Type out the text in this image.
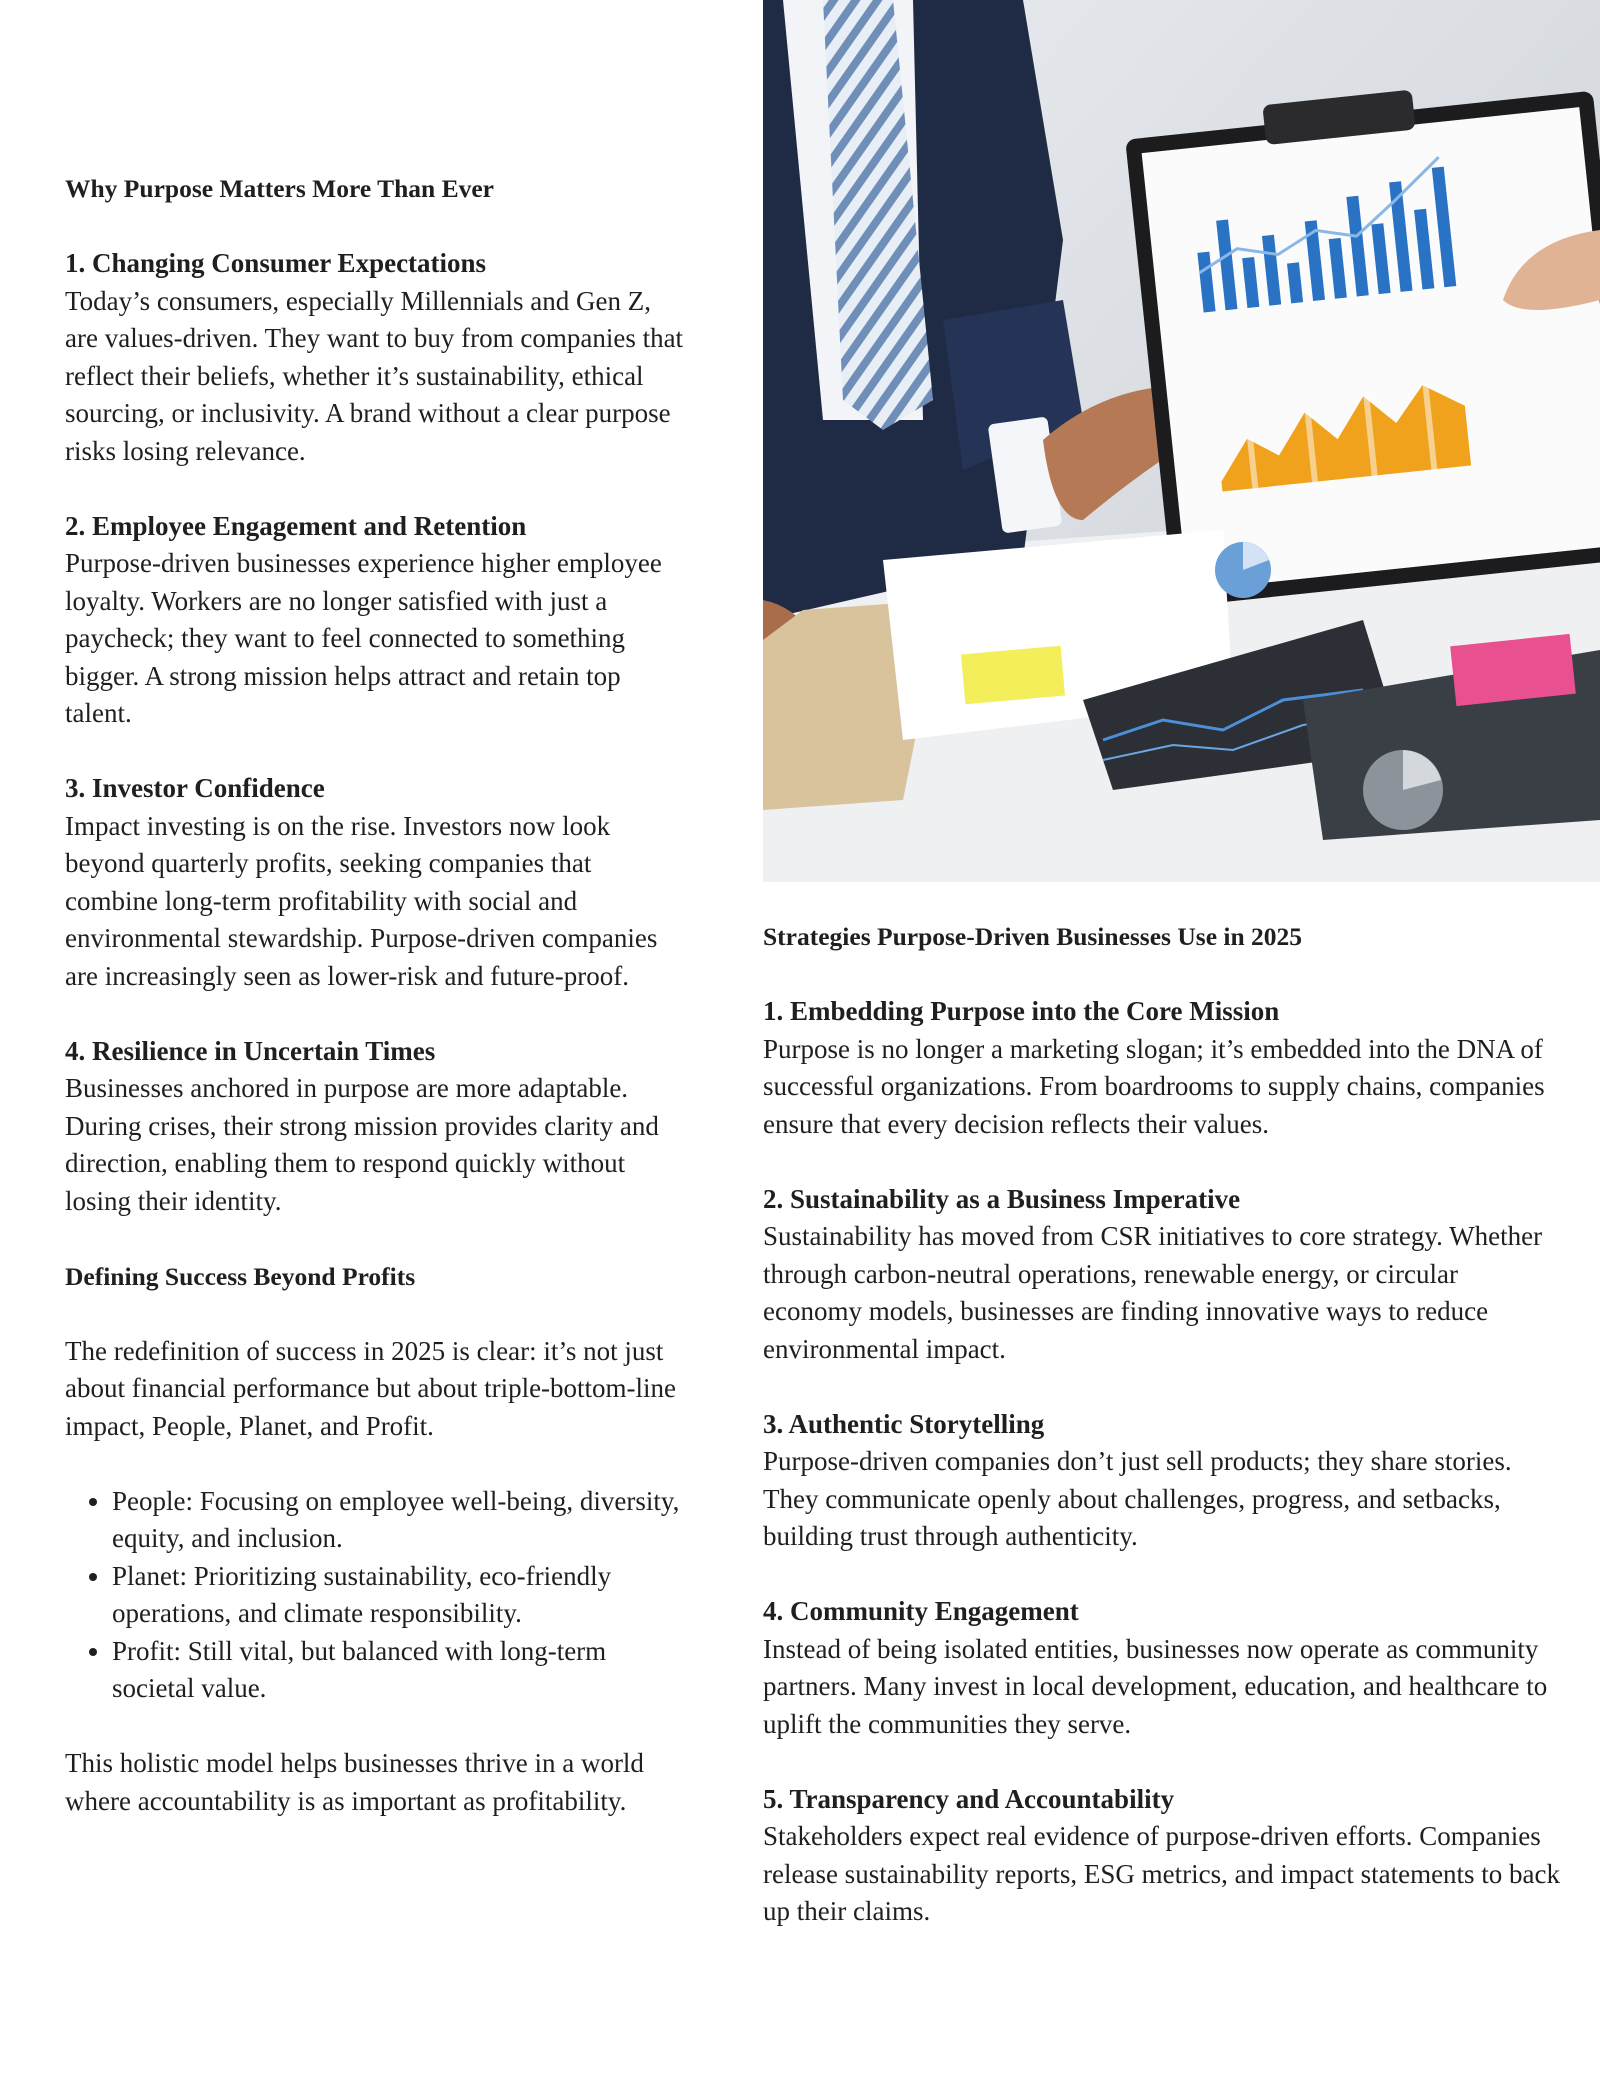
Why Purpose Matters More Than Ever

1. Changing Consumer Expectations

Today’s consumers, especially Millennials and Gen Z, are values-driven. They want to buy from companies that reflect their beliefs, whether it’s sustainability, ethical sourcing, or inclusivity. A brand without a clear purpose risks losing relevance.

2. Employee Engagement and Retention

Purpose-driven businesses experience higher employee loyalty. Workers are no longer satisfied with just a paycheck; they want to feel connected to something bigger. A strong mission helps attract and retain top talent.

3. Investor Confidence

Impact investing is on the rise. Investors now look beyond quarterly profits, seeking companies that combine long-term profitability with social and environmental stewardship. Purpose-driven companies are increasingly seen as lower-risk and future-proof.

4. Resilience in Uncertain Times

Businesses anchored in purpose are more adaptable. During crises, their strong mission provides clarity and direction, enabling them to respond quickly without losing their identity.

Defining Success Beyond Profits

The redefinition of success in 2025 is clear: it’s not just about financial performance but about triple-bottom-line impact, People, Planet, and Profit.

• People: Focusing on employee well-being, diversity, equity, and inclusion.
• Planet: Prioritizing sustainability, eco-friendly operations, and climate responsibility.
• Profit: Still vital, but balanced with long-term societal value.

This holistic model helps businesses thrive in a world where accountability is as important as profitability.

Strategies Purpose-Driven Businesses Use in 2025

1. Embedding Purpose into the Core Mission

Purpose is no longer a marketing slogan; it’s embedded into the DNA of successful organizations. From boardrooms to supply chains, companies ensure that every decision reflects their values.

2. Sustainability as a Business Imperative

Sustainability has moved from CSR initiatives to core strategy. Whether through carbon-neutral operations, renewable energy, or circular economy models, businesses are finding innovative ways to reduce environmental impact.

3. Authentic Storytelling

Purpose-driven companies don’t just sell products; they share stories. They communicate openly about challenges, progress, and setbacks, building trust through authenticity.

4. Community Engagement

Instead of being isolated entities, businesses now operate as community partners. Many invest in local development, education, and healthcare to uplift the communities they serve.

5. Transparency and Accountability

Stakeholders expect real evidence of purpose-driven efforts. Companies release sustainability reports, ESG metrics, and impact statements to back up their claims.
